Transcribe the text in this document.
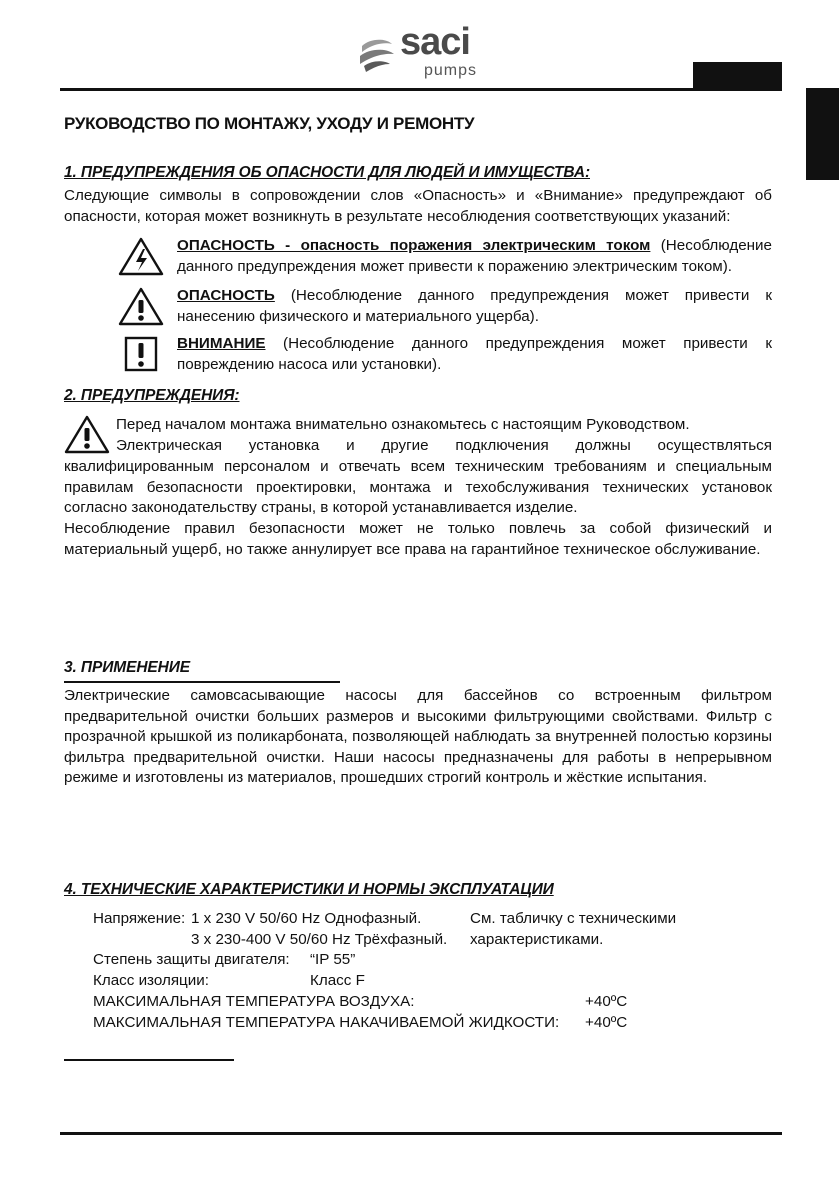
saci
pumps
РУКОВОДСТВО ПО МОНТАЖУ, УХОДУ И РЕМОНТУ
1. ПРЕДУПРЕЖДЕНИЯ ОБ ОПАСНОСТИ ДЛЯ ЛЮДЕЙ И ИМУЩЕСТВА:

Следующие символы в сопровождении слов «Опасность» и «Внимание» предупреждают об опасности, которая может возникнуть в результате несоблюдения соответствующих указаний:

ОПАСНОСТЬ - опасность поражения электрическим током (Несоблюдение данного предупреждения может привести к поражению электрическим током).
ОПАСНОСТЬ (Несоблюдение данного предупреждения может привести к нанесению физического и материального ущерба).
ВНИМАНИЕ (Несоблюдение данного предупреждения может привести к повреждению насоса или установки).
2. ПРЕДУПРЕЖДЕНИЯ:

Перед началом монтажа внимательно ознакомьтесь с настоящим Руководством.

Электрическая установка и другие подключения должны осуществляться

квалифицированным персоналом и отвечать всем техническим требованиям и специальным правилам безопасности проектировки, монтажа и техобслуживания технических установок согласно законодательству страны, в которой устанавливается изделие.

Несоблюдение правил безопасности может не только повлечь за собой физический и материальный ущерб, но также аннулирует все права на гарантийное техническое обслуживание.

3. ПРИМЕНЕНИЕ

Электрические самовсасывающие насосы для бассейнов со встроенным фильтром предварительной очистки больших размеров и высокими фильтрующими свойствами. Фильтр с прозрачной крышкой из поликарбоната, позволяющей наблюдать за внутренней полостью корзины фильтра предварительной очистки. Наши насосы предназначены для работы в непрерывном режиме и изготовлены из материалов, прошедших строгий контроль и жёсткие испытания.

4. ТЕХНИЧЕСКИЕ ХАРАКТЕРИСТИКИ И НОРМЫ ЭКСПЛУАТАЦИИ
Напряжение: 1 x 230 V 50/60 Hz Однофазный.	См. табличку с техническими
3 x 230-400 V 50/60 Hz Трёхфазный. характеристиками.
Степень защиты двигателя: “IP 55”
Класс изоляции:	Класс F
МАКСИМАЛЬНАЯ ТЕМПЕРАТУРА ВОЗДУХА:	+40ºC
МАКСИМАЛЬНАЯ ТЕМПЕРАТУРА НАКАЧИВАЕМОЙ ЖИДКОСТИ: +40ºC
